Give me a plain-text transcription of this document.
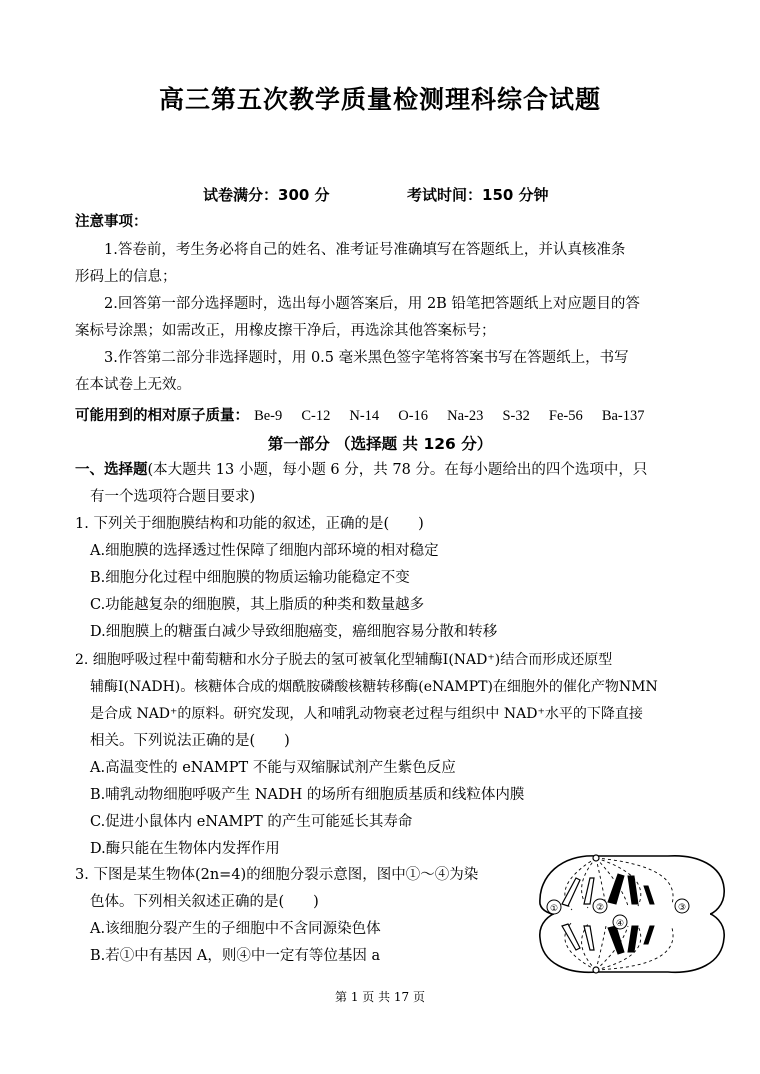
高三第五次教学质量检测理科综合试题
试卷满分：300 分	考试时间：150 分钟
注意事项：
1.答卷前，考生务必将自己的姓名、准考证号准确填写在答题纸上，并认真核准条
形码上的信息；
2.回答第一部分选择题时，选出每小题答案后，用 2B 铅笔把答题纸上对应题目的答
案标号涂黑；如需改正，用橡皮擦干净后，再选涂其他答案标号；
3.作答第二部分非选择题时，用 0.5 毫米黑色签字笔将答案书写在答题纸上，书写
在本试卷上无效。
可能用到的相对原子质量： Be-9 C-12 N-14 O-16 Na-23 S-32 Fe-56 Ba-137
第一部分 （选择题 共 126 分）
一、选择题(本大题共 13 小题，每小题 6 分，共 78 分。在每小题给出的四个选项中，只
有一个选项符合题目要求)
1. 下列关于细胞膜结构和功能的叙述，正确的是(　　)
A.细胞膜的选择透过性保障了细胞内部环境的相对稳定
B.细胞分化过程中细胞膜的物质运输功能稳定不变
C.功能越复杂的细胞膜，其上脂质的种类和数量越多
D.细胞膜上的糖蛋白减少导致细胞癌变，癌细胞容易分散和转移
2. 细胞呼吸过程中葡萄糖和水分子脱去的氢可被氧化型辅酶Ⅰ(NAD⁺)结合而形成还原型
辅酶Ⅰ(NADH)。核糖体合成的烟酰胺磷酸核糖转移酶(eNAMPT)在细胞外的催化产物NMN
是合成 NAD⁺的原料。研究发现，人和哺乳动物衰老过程与组织中 NAD⁺水平的下降直接
相关。下列说法正确的是(　　)
A.高温变性的 eNAMPT 不能与双缩脲试剂产生紫色反应
B.哺乳动物细胞呼吸产生 NADH 的场所有细胞质基质和线粒体内膜
C.促进小鼠体内 eNAMPT 的产生可能延长其寿命
D.酶只能在生物体内发挥作用
3. 下图是某生物体(2n=4)的细胞分裂示意图，图中①～④为染
色体。下列相关叙述正确的是(　　)
A.该细胞分裂产生的子细胞中不含同源染色体
B.若①中有基因 A，则④中一定有等位基因 a
①	②	③
④
第 1 页 共 17 页
